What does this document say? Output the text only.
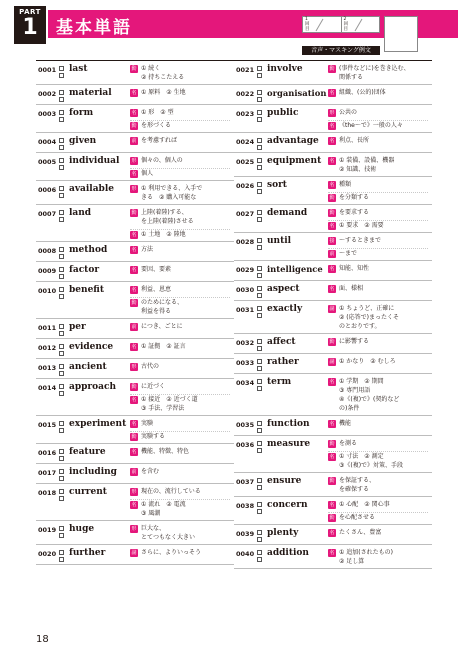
PART
1	基本単語	1
回
目
2
回
目
音声・マスキング例文
0001 last	動 ① 続く
② 持ちこたえる
0002 material	名 ① 原料　② 生地
0003 form	名 ① 形　② 型
動 を形づくる
0004 given	前 を考慮すれば
0005 individual 形 個々の、個人の
名 個人
0006 available	形 ① 利用できる、入手で
きる　② 購入可能な
0007 land	動 上陸(着陸)する、
を上陸(着陸)させる
名 ① 土地　② 陸地
0008 method	名 方法
0009 factor	名 要因、要素
0010 benefit	名 利益、恩恵
動 のためになる、
利益を得る
0011 per	前 につき、ごとに
0012 evidence	名 ① 証拠　② 証言
0013 ancient	形 古代の
0014 approach	動 に近づく
名 ① 接近　② 近づく道
③ 手法、学習法
0015 experiment 名 実験
動 実験する
0016 feature	名 機能、特徴、特色
0017 including	前 を含む
0018 current	形 現在の、流行している
名 ① 流れ　② 電流
③ 風潮
0019 huge	形 巨大な、
とてつもなく大きい
0020 further	副 さらに、よりいっそう
0021 involve	動 (事件などに)を巻き込む、
関係する
0022 organisation 名 組織、(公的)団体
0023 public	形 公共の
名 《the～で》一般の人々
0024 advantage 名 利点、長所
0025 equipment 名 ① 装備、設備、機器
② 知識、技術
0026 sort	名 種類
動 を分類する
0027 demand	動 を要求する
名 ① 要求　② 需要
0028 until	接 ～するときまで
前 ～まで
0029 intelligence 名 知能、知性
0030 aspect	名 面、様相
0031 exactly	副 ① ちょうど、正確に
② (応答で)まったくそ
のとおりです。
0032 affect	動 に影響する
0033 rather	副 ① かなり　② むしろ
0034 term	名 ① 学期　② 期間
③ 専門用語
④《(複)で》(契約など
の)条件
0035 function	名 機能
0036 measure	動 を測る
名 ① 寸法　② 測定
③《(複)で》対策、手段
0037 ensure	動 を保証する、
を確保する
0038 concern	名 ① 心配　② 関心事
動 を心配させる
0039 plenty	名 たくさん、豊富
0040 addition	名 ① 追加(されたもの)
② 足し算
18
